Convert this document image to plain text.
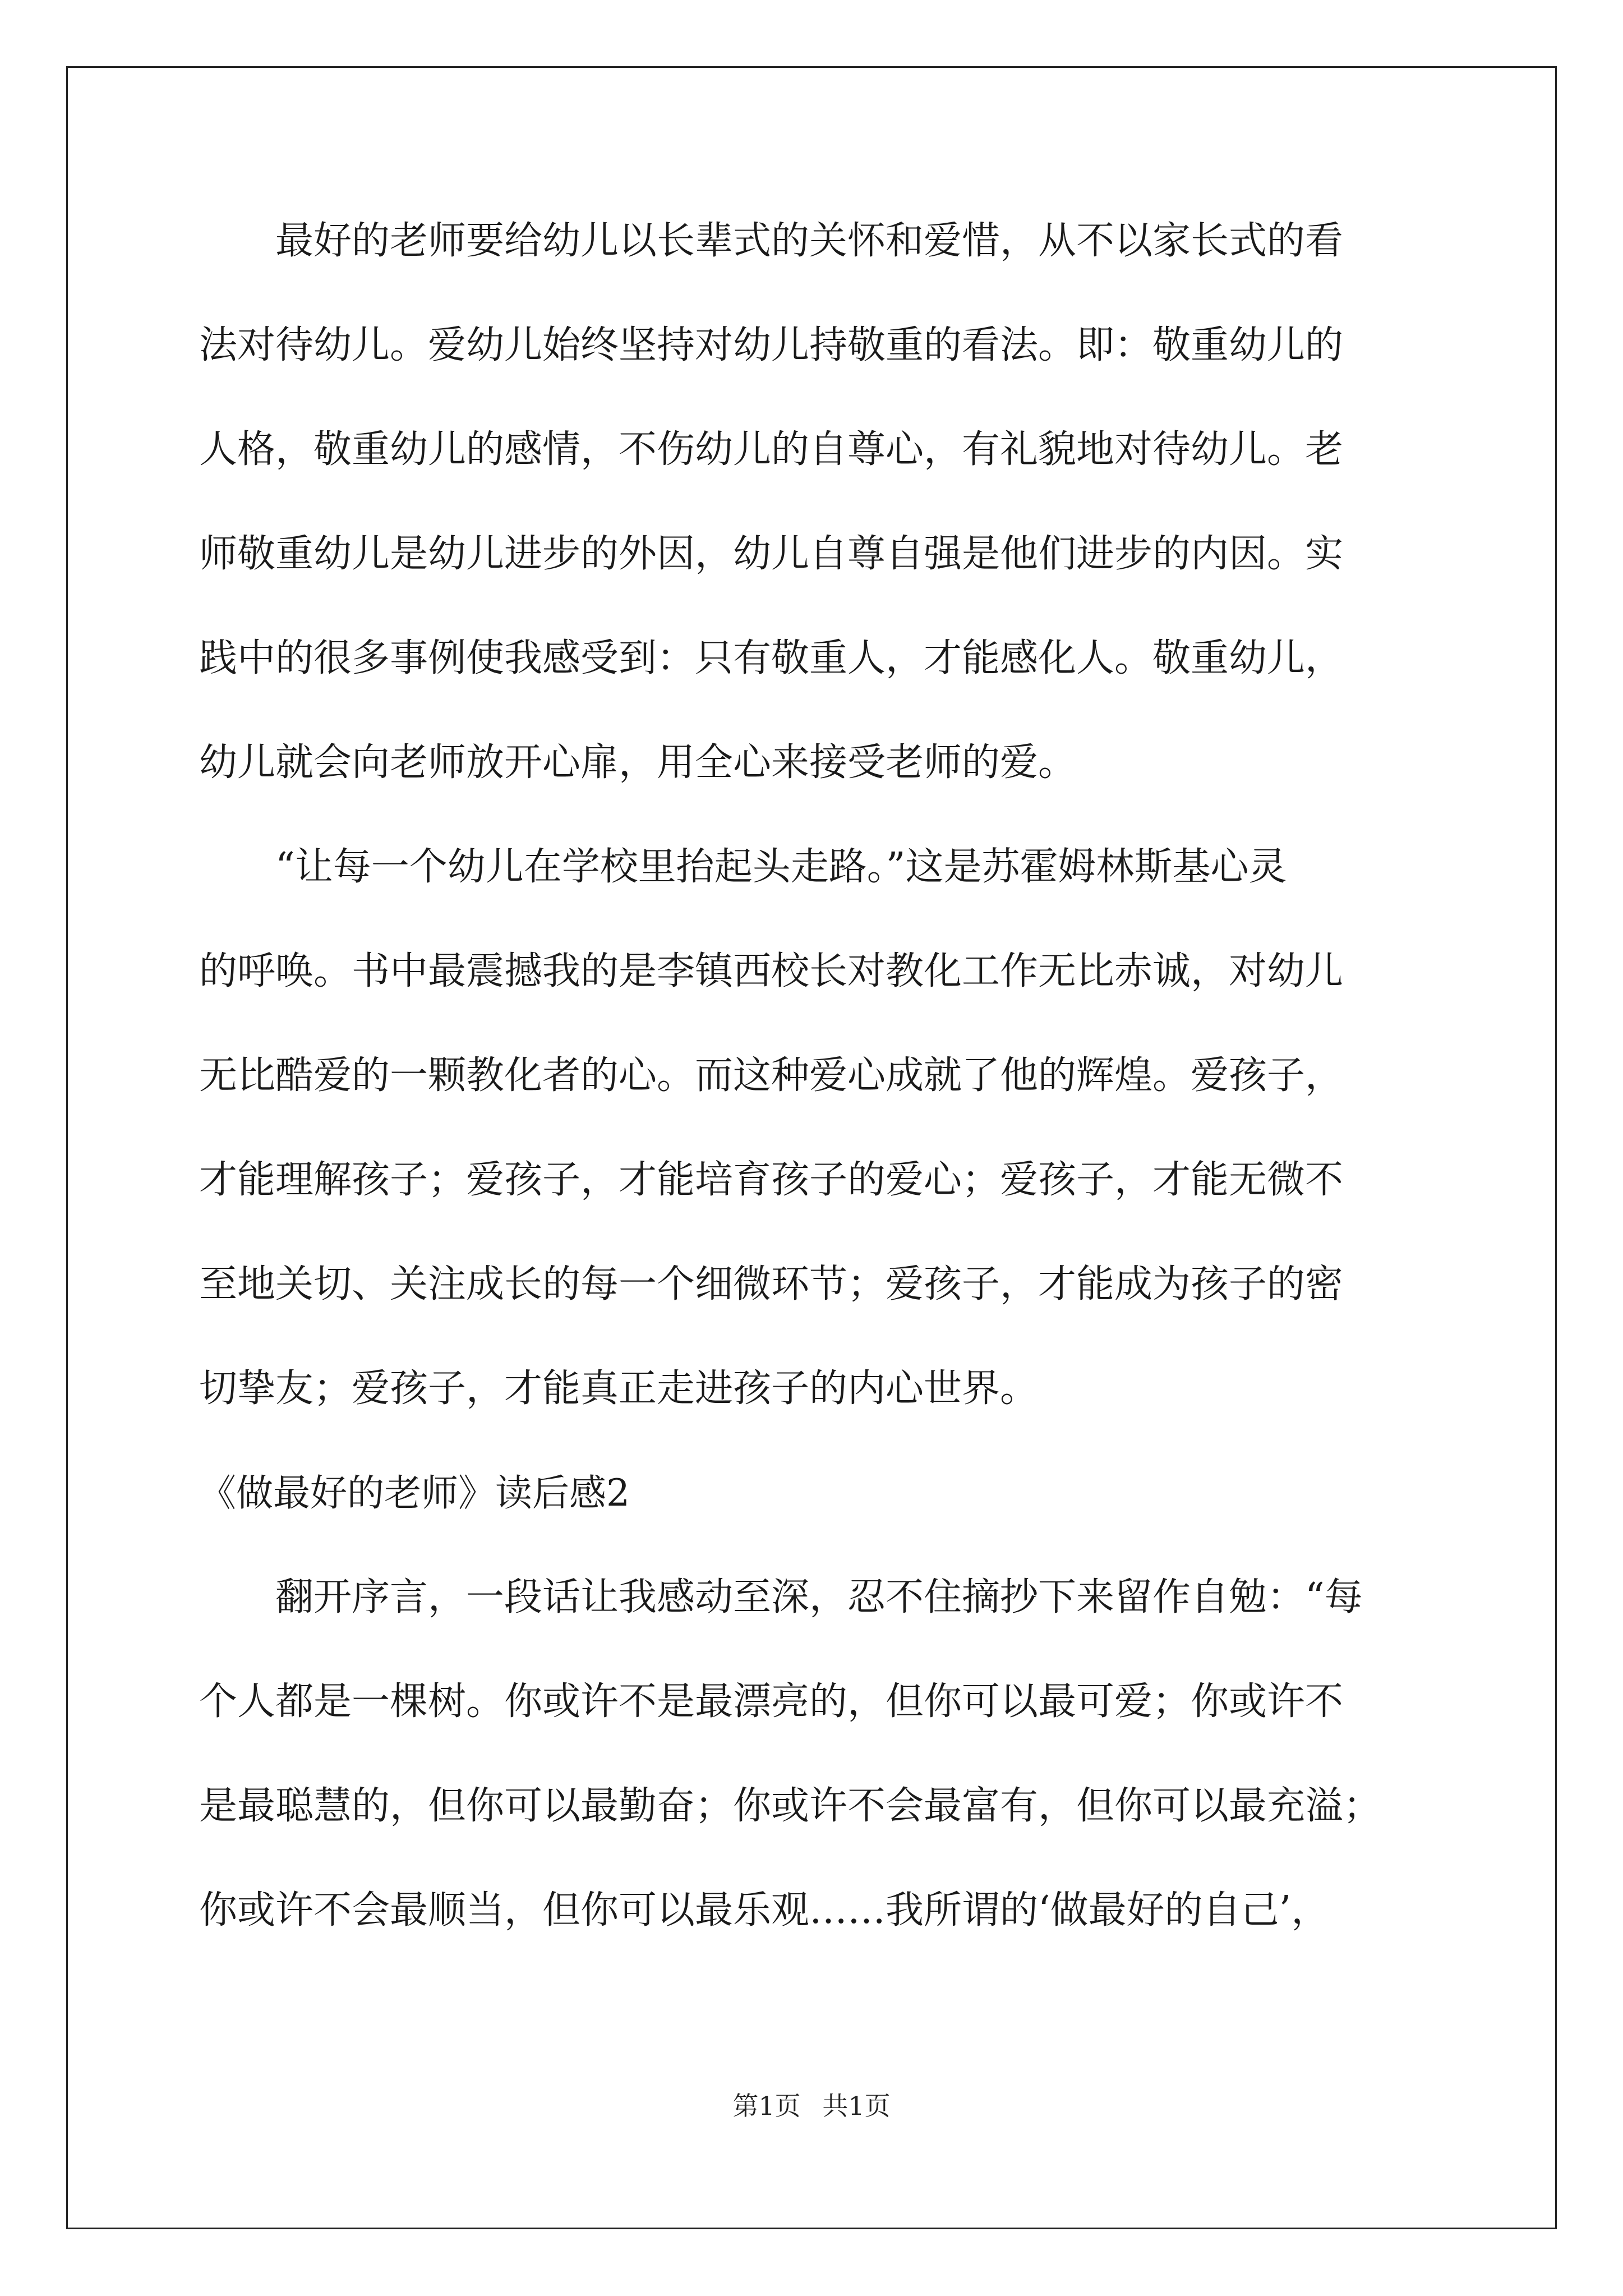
最好的老师要给幼儿以长辈式的关怀和爱惜，从不以家长式的看
法对待幼儿。爱幼儿始终坚持对幼儿持敬重的看法。即：敬重幼儿的
人格，敬重幼儿的感情，不伤幼儿的自尊心，有礼貌地对待幼儿。老
师敬重幼儿是幼儿进步的外因，幼儿自尊自强是他们进步的内因。实
践中的很多事例使我感受到：只有敬重人，才能感化人。敬重幼儿，
幼儿就会向老师放开心扉，用全心来接受老师的爱。
“让每一个幼儿在学校里抬起头走路。”这是苏霍姆林斯基心灵
的呼唤。书中最震撼我的是李镇西校长对教化工作无比赤诚，对幼儿
无比酷爱的一颗教化者的心。而这种爱心成就了他的辉煌。爱孩子，
才能理解孩子；爱孩子，才能培育孩子的爱心；爱孩子，才能无微不
至地关切、关注成长的每一个细微环节；爱孩子，才能成为孩子的密
切挚友；爱孩子，才能真正走进孩子的内心世界。
《做最好的老师》读后感2
翻开序言，一段话让我感动至深，忍不住摘抄下来留作自勉：“每
个人都是一棵树。你或许不是最漂亮的，但你可以最可爱；你或许不
是最聪慧的，但你可以最勤奋；你或许不会最富有，但你可以最充溢；
你或许不会最顺当，但你可以最乐观……我所谓的‘做最好的自己’，
第1页 共1页
